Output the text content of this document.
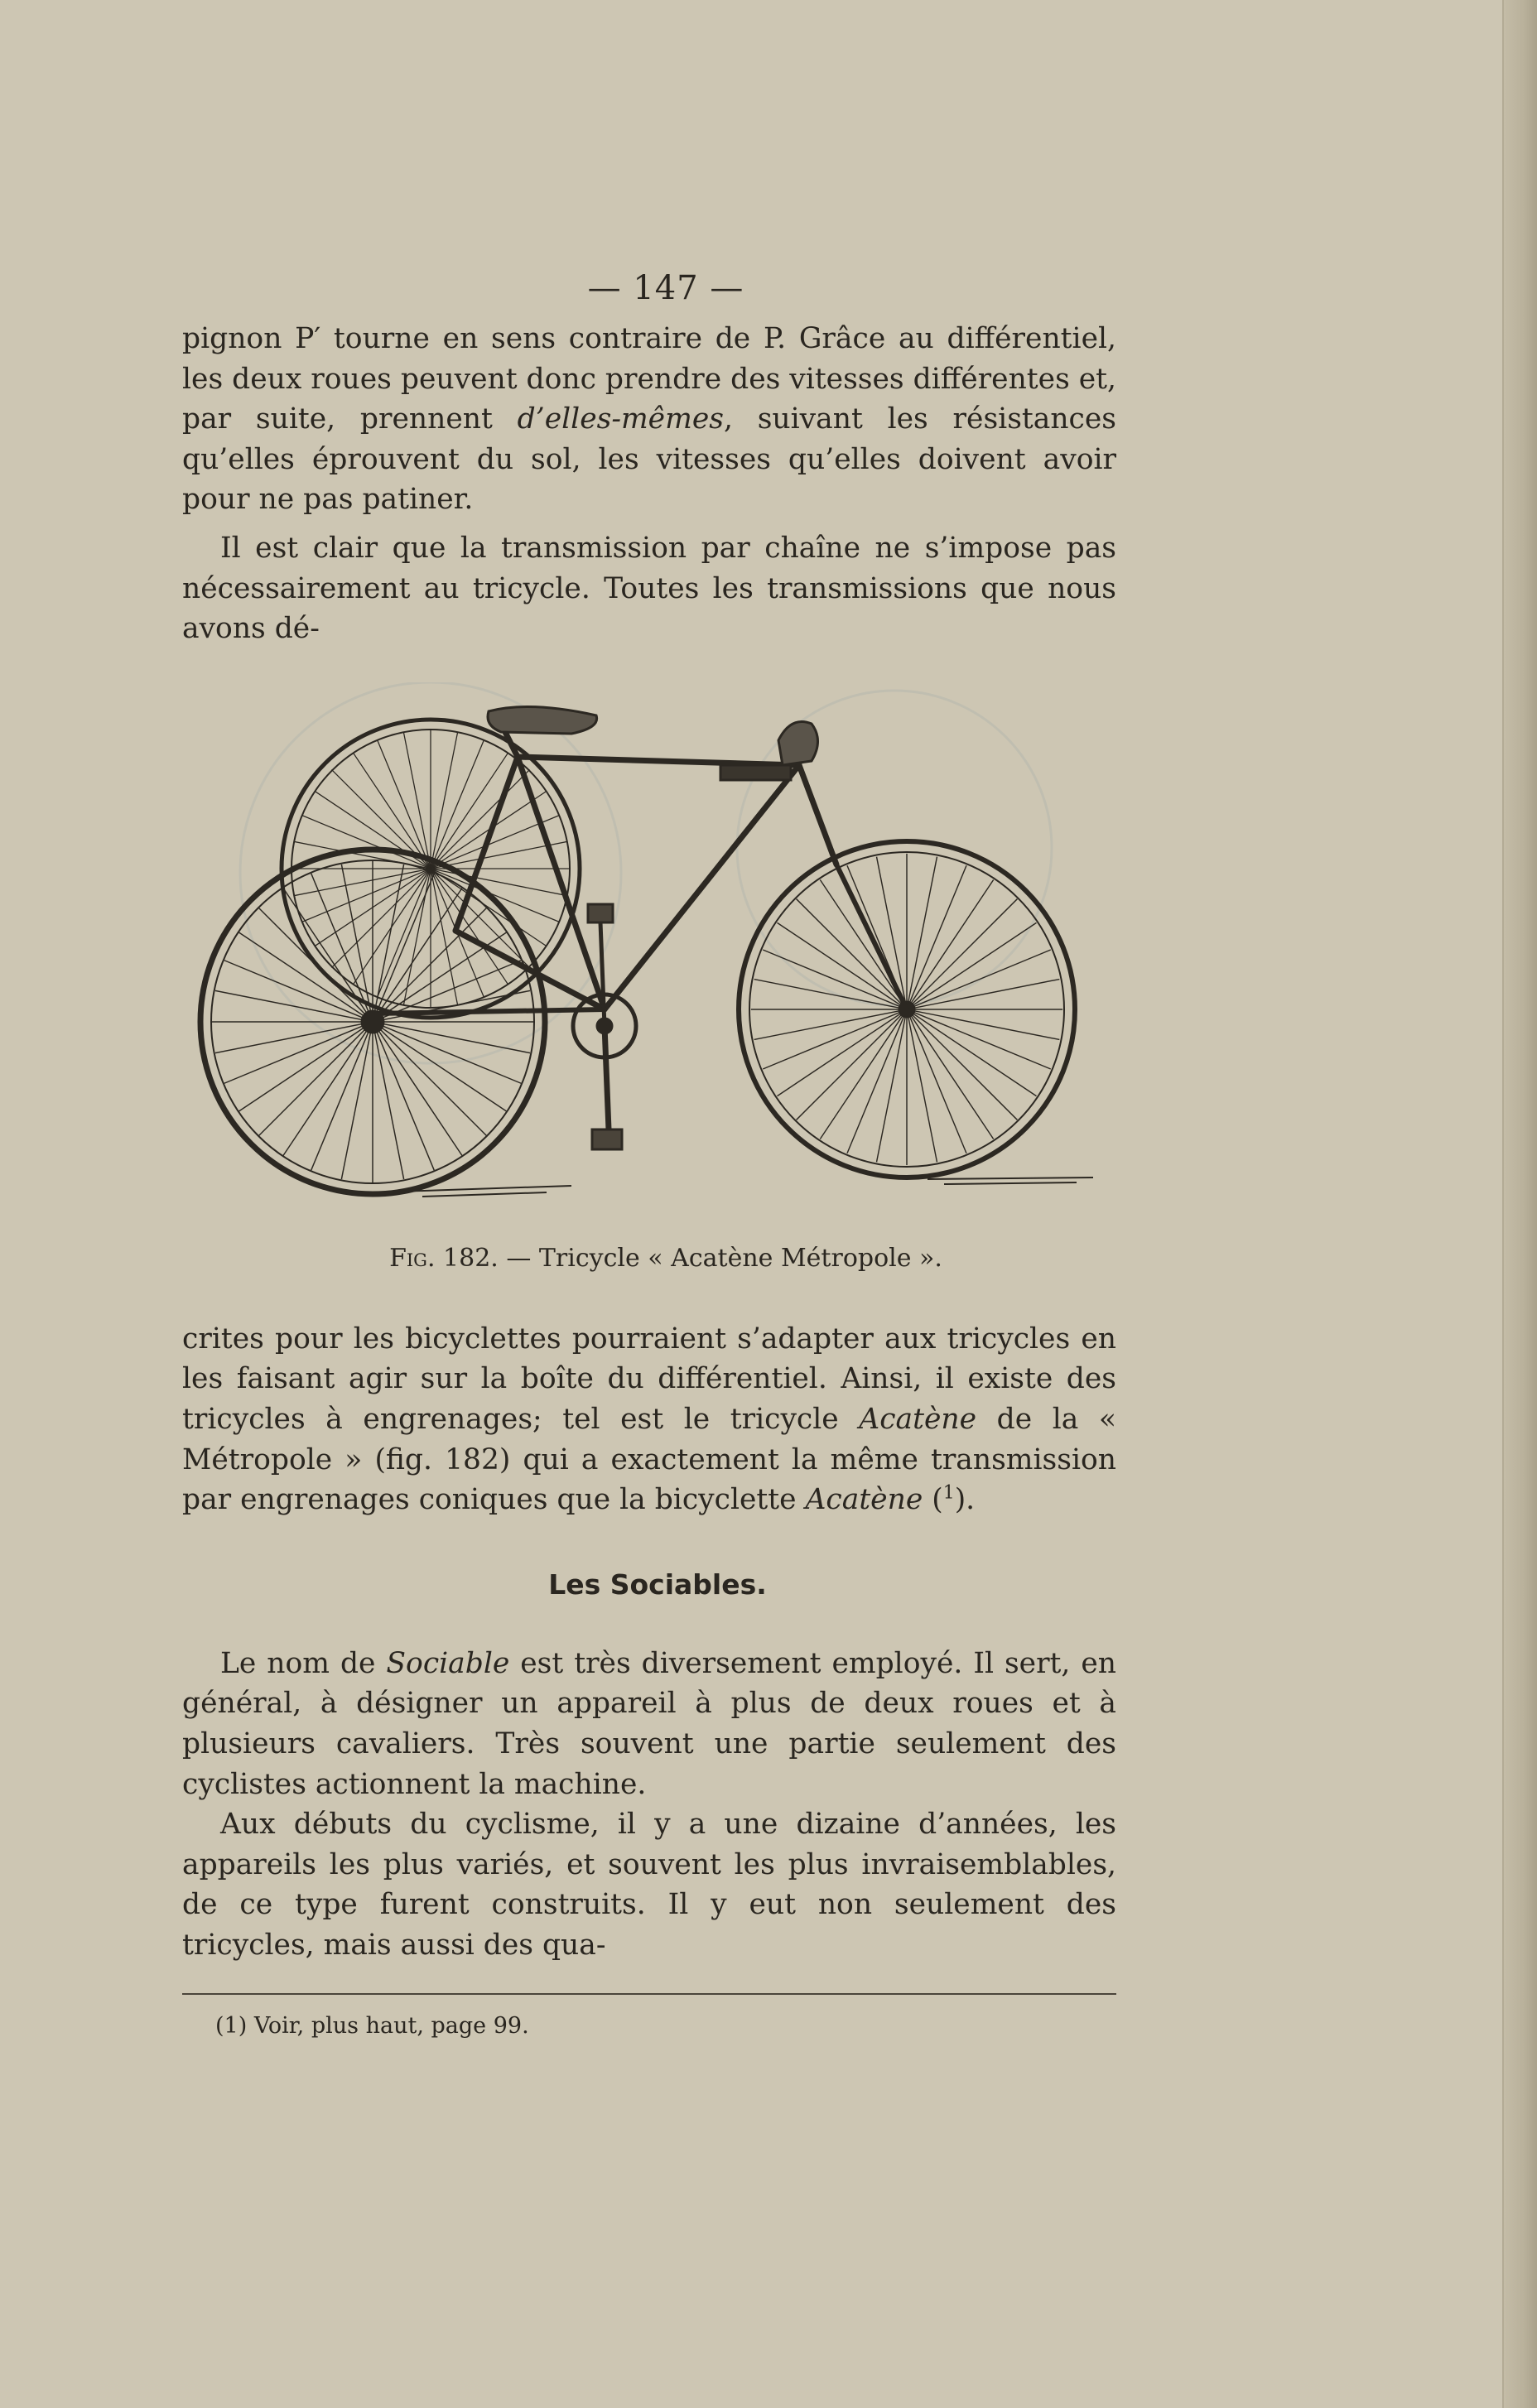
— 147 —

pignon P′ tourne en sens contraire de P. Grâce au différentiel, les deux roues peuvent donc prendre des vitesses différentes et, par suite, prennent d’elles-mêmes, suivant les résistances qu’elles éprouvent du sol, les vitesses qu’elles doivent avoir pour ne pas patiner.

Il est clair que la transmission par chaîne ne s’impose pas nécessairement au tricycle. Toutes les transmissions que nous avons dé-

Fig. 182. — Tricycle « Acatène Métropole ».

crites pour les bicyclettes pourraient s’adapter aux tricycles en les faisant agir sur la boîte du différentiel. Ainsi, il existe des tricycles à engrenages; tel est le tricycle Acatène de la « Métropole » (fig. 182) qui a exactement la même transmission par engrenages coniques que la bicyclette Acatène ($^1$).

Les Sociables.

Le nom de Sociable est très diversement employé. Il sert, en général, à désigner un appareil à plus de deux roues et à plusieurs cavaliers. Très souvent une partie seulement des cyclistes actionnent la machine.

Aux débuts du cyclisme, il y a une dizaine d’années, les appareils les plus variés, et souvent les plus invraisemblables, de ce type furent construits. Il y eut non seulement des tricycles, mais aussi des qua-

(1) Voir, plus haut, page 99.
